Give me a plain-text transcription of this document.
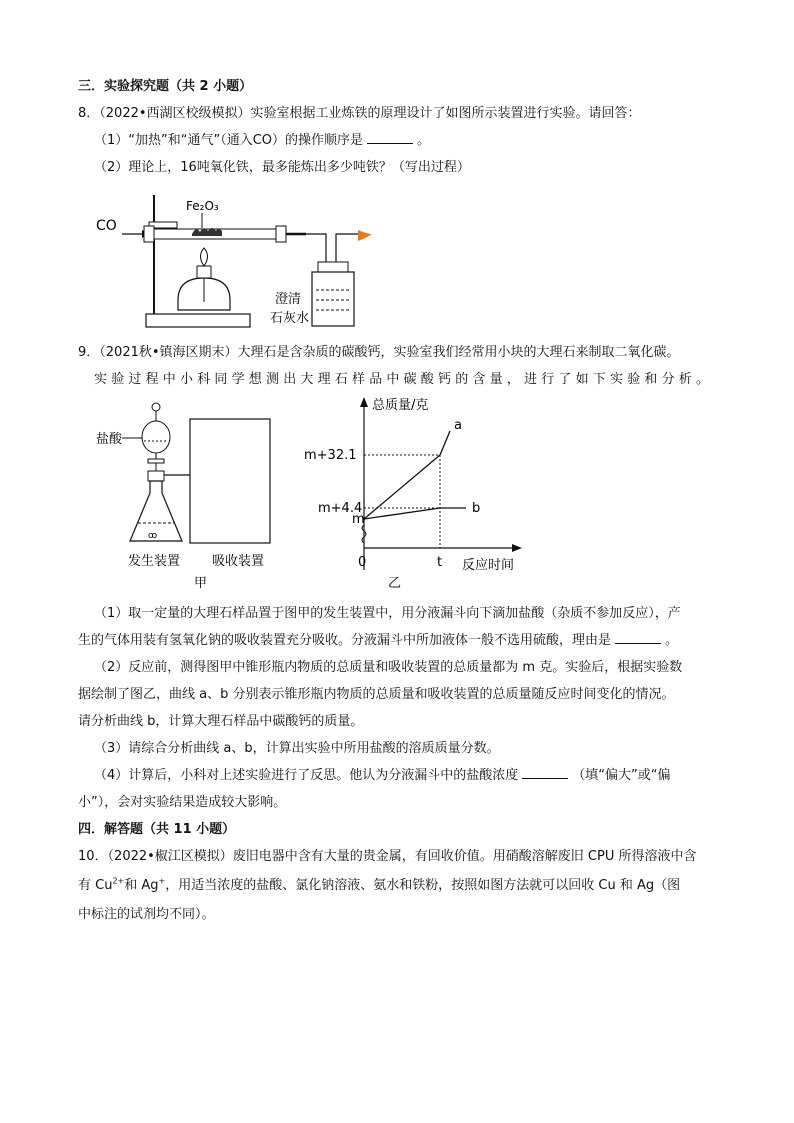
三．实验探究题（共 2 小题）
8．（2022•西湖区校级模拟）实验室根据工业炼铁的原理设计了如图所示装置进行实验。请回答：
（1）“加热”和“通气”（通入CO）的操作顺序是	。
（2）理论上，16吨氧化铁，最多能炼出多少吨铁？（写出过程）
CO
Fe₂O₃
澄清
石灰水
9．（2021秋•镇海区期末）大理石是含杂质的碳酸钙，实验室我们经常用小块的大理石来制取二氧化碳。
实验过程中小科同学想测出大理石样品中碳酸钙的含量，进行了如下实验和分析。
盐酸
ꝏ
发生装置 吸收装置
甲
总质量/克
反应时间
0
乙
m
m+4.4
m+32.1
t
a
b
（1）取一定量的大理石样品置于图甲的发生装置中，用分液漏斗向下滴加盐酸（杂质不参加反应），产
生的气体用装有氢氧化钠的吸收装置充分吸收。分液漏斗中所加液体一般不选用硫酸，理由是	。
（2）反应前，测得图甲中锥形瓶内物质的总质量和吸收装置的总质量都为 m 克。实验后，根据实验数
据绘制了图乙，曲线 a、b 分别表示锥形瓶内物质的总质量和吸收装置的总质量随反应时间变化的情况。
请分析曲线 b，计算大理石样品中碳酸钙的质量。
（3）请综合分析曲线 a、b，计算出实验中所用盐酸的溶质质量分数。
（4）计算后，小科对上述实验进行了反思。他认为分液漏斗中的盐酸浓度	（填“偏大”或“偏
小”），会对实验结果造成较大影响。
四．解答题（共 11 小题）
10．（2022•椒江区模拟）废旧电器中含有大量的贵金属，有回收价值。用硝酸溶解废旧 CPU 所得溶液中含
有 $Cu^{2+}$和 Ag+，用适当浓度的盐酸、氯化钠溶液、氨水和铁粉，按照如图方法就可以回收 Cu 和 Ag（图
中标注的试剂均不同）。
